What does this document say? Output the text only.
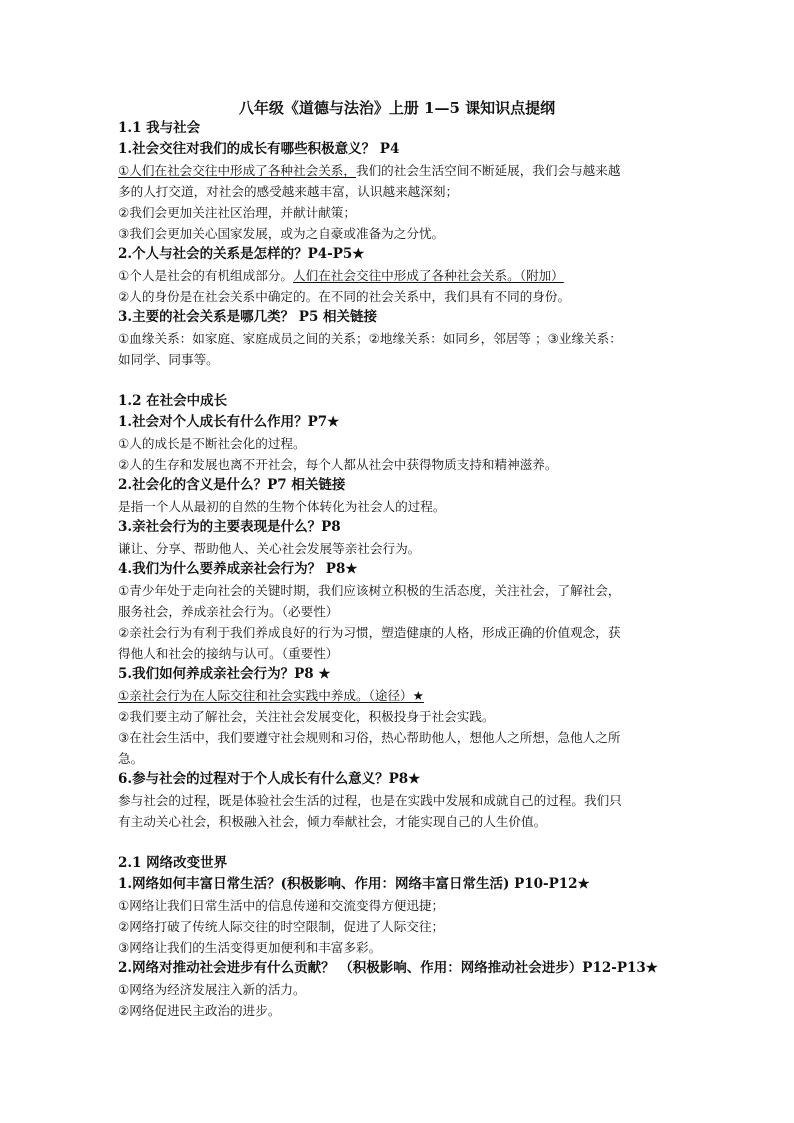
八年级《道德与法治》上册 1—5 课知识点提纲
1.1 我与社会
1.社会交往对我们的成长有哪些积极意义？ P4
①人们在社会交往中形成了各种社会关系，我们的社会生活空间不断延展，我们会与越来越
多的人打交道，对社会的感受越来越丰富，认识越来越深刻；
②我们会更加关注社区治理，并献计献策；
③我们会更加关心国家发展，或为之自豪或准备为之分忧。
2.个人与社会的关系是怎样的？P4-P5★
①个人是社会的有机组成部分。人们在社会交往中形成了各种社会关系。（附加）
②人的身份是在社会关系中确定的。在不同的社会关系中，我们具有不同的身份。
3.主要的社会关系是哪几类？ P5 相关链接
①血缘关系：如家庭、家庭成员之间的关系；②地缘关系：如同乡，邻居等 ；③业缘关系：
如同学、同事等。
1.2 在社会中成长
1.社会对个人成长有什么作用？P7★
①人的成长是不断社会化的过程。
②人的生存和发展也离不开社会，每个人都从社会中获得物质支持和精神滋养。
2.社会化的含义是什么？P7 相关链接
是指一个人从最初的自然的生物个体转化为社会人的过程。
3.亲社会行为的主要表现是什么？P8
谦让、分享、帮助他人、关心社会发展等亲社会行为。
4.我们为什么要养成亲社会行为？ P8★
①青少年处于走向社会的关键时期，我们应该树立积极的生活态度，关注社会，了解社会，
服务社会，养成亲社会行为。（必要性）
②亲社会行为有利于我们养成良好的行为习惯，塑造健康的人格，形成正确的价值观念，获
得他人和社会的接纳与认可。（重要性）
5.我们如何养成亲社会行为？P8 ★
①亲社会行为在人际交往和社会实践中养成。（途径）★
②我们要主动了解社会，关注社会发展变化，积极投身于社会实践。
③在社会生活中，我们要遵守社会规则和习俗，热心帮助他人，想他人之所想，急他人之所
急。
6.参与社会的过程对于个人成长有什么意义？P8★
参与社会的过程，既是体验社会生活的过程，也是在实践中发展和成就自己的过程。我们只
有主动关心社会，积极融入社会，倾力奉献社会，才能实现自己的人生价值。
2.1 网络改变世界
1.网络如何丰富日常生活？(积极影响、作用：网络丰富日常生活) P10-P12★
①网络让我们日常生活中的信息传递和交流变得方便迅捷；
②网络打破了传统人际交往的时空限制，促进了人际交往；
③网络让我们的生活变得更加便利和丰富多彩。
2.网络对推动社会进步有什么贡献？ （积极影响、作用：网络推动社会进步）P12-P13★
①网络为经济发展注入新的活力。
②网络促进民主政治的进步。
